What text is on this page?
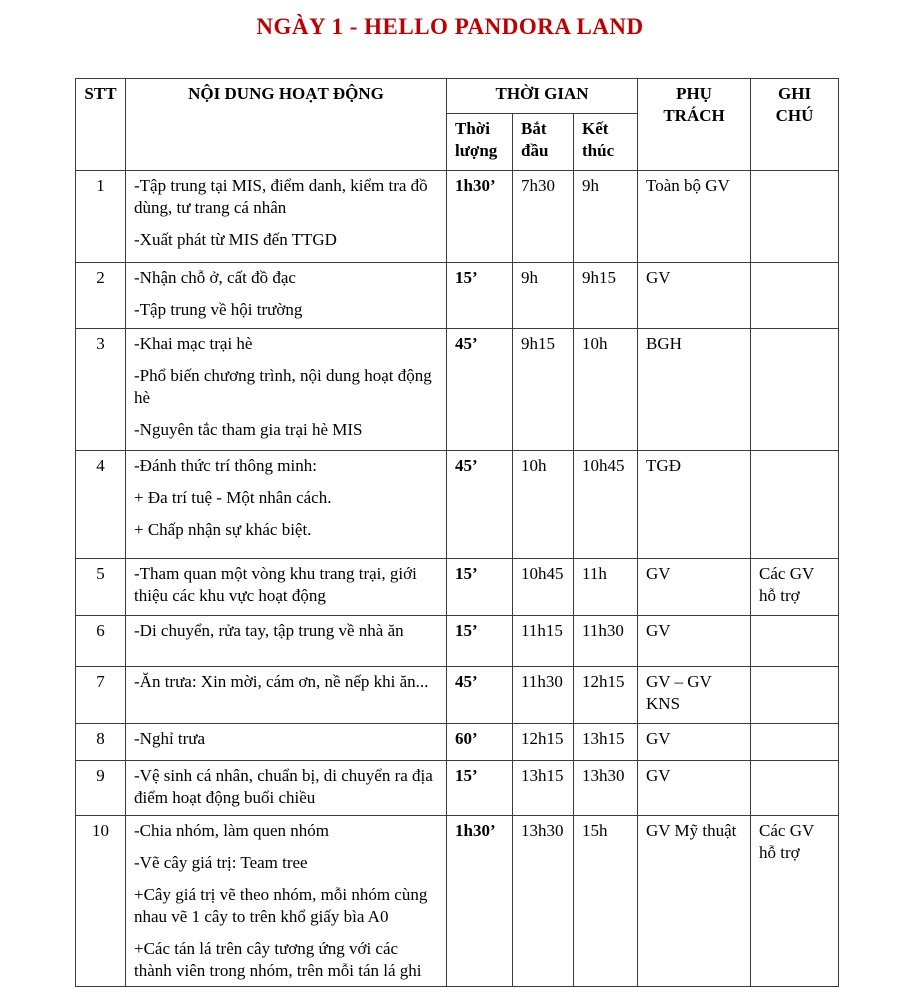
NGÀY 1 - HELLO PANDORA LAND
STT	NỘI DUNG HOẠT ĐỘNG	THỜI GIAN			PHỤ TRÁCH	GHI CHÚ
		Thời lượng	Bắt đầu	Kết thúc		
1	-Tập trung tại MIS, điểm danh, kiểm tra đồ dùng, tư trang cá nhân

-Xuất phát từ MIS đến TTGD	1h30’	7h30	9h	Toàn bộ GV	
2	-Nhận chỗ ở, cất đồ đạc

-Tập trung về hội trường	15’	9h	9h15	GV	
3	-Khai mạc trại hè

-Phổ biến chương trình, nội dung hoạt động hè

-Nguyên tắc tham gia trại hè MIS	45’	9h15	10h	BGH	
4	-Đánh thức trí thông minh:

+ Đa trí tuệ - Một nhân cách.

+ Chấp nhận sự khác biệt.	45’	10h	10h45	TGĐ	
5	-Tham quan một vòng khu trang trại, giới thiệu các khu vực hoạt động	15’	10h45	11h	GV	Các GV hỗ trợ
6	-Di chuyển, rửa tay, tập trung về nhà ăn	15’	11h15	11h30	GV	
7	-Ăn trưa: Xin mời, cám ơn, nề nếp khi ăn...	45’	11h30	12h15	GV – GV KNS	
8	-Nghỉ trưa	60’	12h15	13h15	GV	
9	-Vệ sinh cá nhân, chuẩn bị, di chuyển ra địa điểm hoạt động buổi chiều	15’	13h15	13h30	GV	
10	-Chia nhóm, làm quen nhóm

-Vẽ cây giá trị: Team tree

+Cây giá trị vẽ theo nhóm, mỗi nhóm cùng nhau vẽ 1 cây to trên khổ giấy bìa A0

+Các tán lá trên cây tương ứng với các thành viên trong nhóm, trên mỗi tán lá ghi	1h30’	13h30	15h	GV Mỹ thuật	Các GV hỗ trợ
